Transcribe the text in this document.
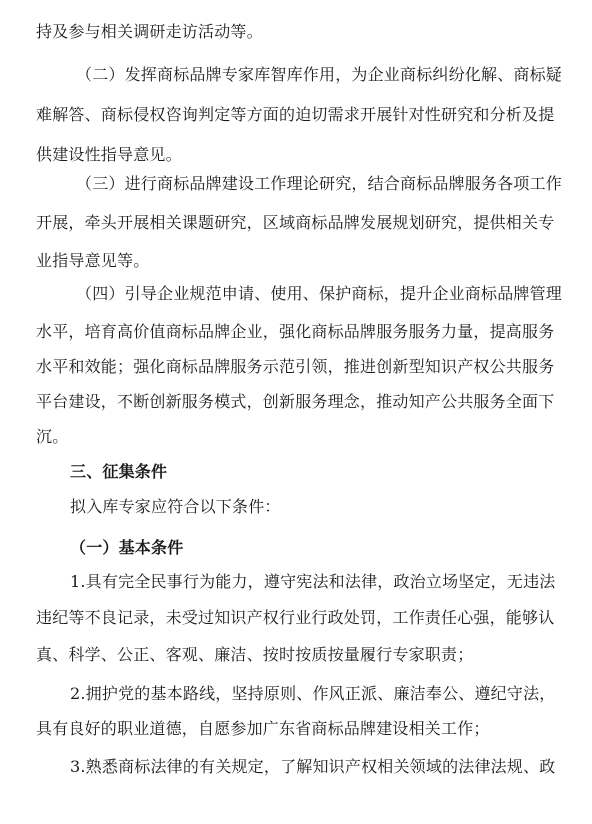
持及参与相关调研走访活动等。
（二）发挥商标品牌专家库智库作用，为企业商标纠纷化解、商标疑
难解答、商标侵权咨询判定等方面的迫切需求开展针对性研究和分析及提
供建设性指导意见。
（三）进行商标品牌建设工作理论研究，结合商标品牌服务各项工作
开展，牵头开展相关课题研究，区域商标品牌发展规划研究，提供相关专
业指导意见等。
（四）引导企业规范申请、使用、保护商标，提升企业商标品牌管理
水平，培育高价值商标品牌企业，强化商标品牌服务服务力量，提高服务
水平和效能；强化商标品牌服务示范引领，推进创新型知识产权公共服务
平台建设，不断创新服务模式，创新服务理念，推动知产公共服务全面下
沉。
三、征集条件
拟入库专家应符合以下条件：
（一）基本条件
1.具有完全民事行为能力，遵守宪法和法律，政治立场坚定，无违法
违纪等不良记录，未受过知识产权行业行政处罚，工作责任心强，能够认
真、科学、公正、客观、廉洁、按时按质按量履行专家职责；
2.拥护党的基本路线，坚持原则、作风正派、廉洁奉公、遵纪守法，
具有良好的职业道德，自愿参加广东省商标品牌建设相关工作；
3.熟悉商标法律的有关规定，了解知识产权相关领域的法律法规、政
